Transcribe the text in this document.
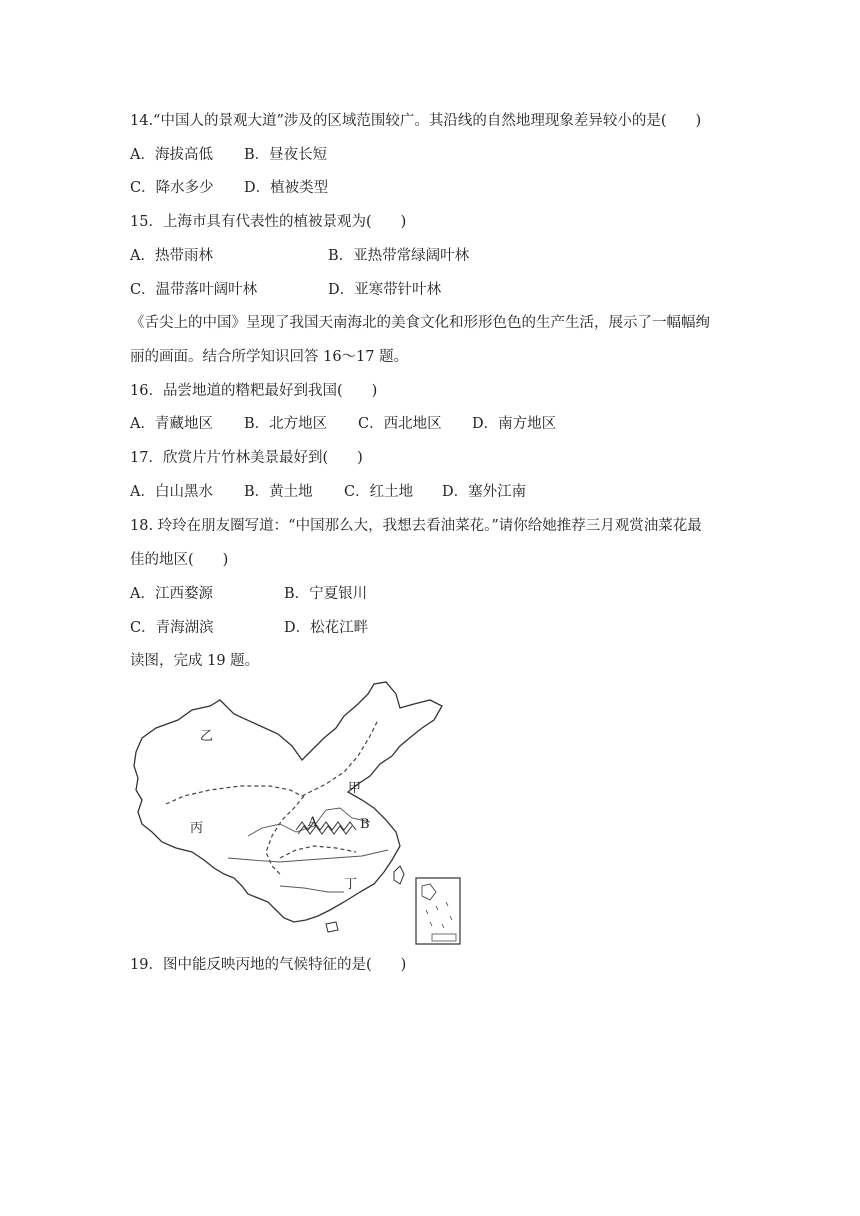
14.“中国人的景观大道”涉及的区域范围较广。其沿线的自然地理现象差异较小的是(　　)
A．海拔高低 B．昼夜长短
C．降水多少 D．植被类型
15．上海市具有代表性的植被景观为(　　)
A．热带雨林	B．亚热带常绿阔叶林
C．温带落叶阔叶林	D．亚寒带针叶林
《舌尖上的中国》呈现了我国天南海北的美食文化和形形色色的生产生活，展示了一幅幅绚
丽的画面。结合所学知识回答 16～17 题。
16．品尝地道的糌粑最好到我国(　　)
A．青藏地区 B．北方地区 C．西北地区 D．南方地区
17．欣赏片片竹林美景最好到(　　)
A．白山黑水 B．黄土地 C．红土地 D．塞外江南
18. 玲玲在朋友圈写道：“中国那么大，我想去看油菜花。”请你给她推荐三月观赏油菜花最
佳的地区(　　)
A．江西婺源	B．宁夏银川
C．青海湖滨	D．松花江畔
读图，完成 19 题。
乙
丙
甲
丁
A	B
19．图中能反映丙地的气候特征的是(　　)
